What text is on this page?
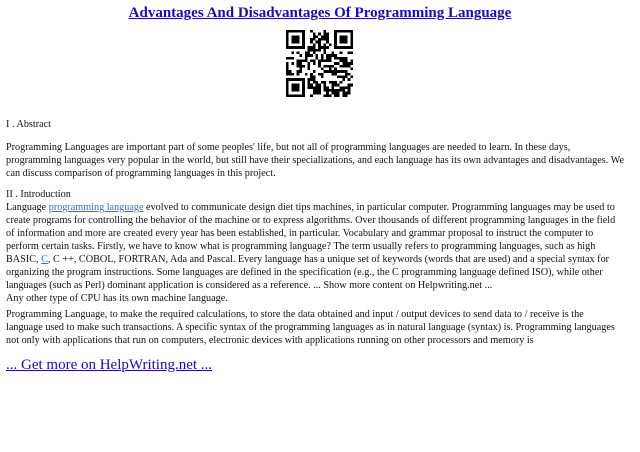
Advantages And Disadvantages Of Programming Language
I . Abstract
Programming Languages are important part of some peoples' life, but not all of programming languages are needed to learn. In these days,
programming languages very popular in the world, but still have their specializations, and each language has its own advantages and disadvantages. We
can discuss comparison of programming languages in this project.
II . Introduction
Language programming language evolved to communicate design diet tips machines, in particular computer. Programming languages may be used to
create programs for controlling the behavior of the machine or to express algorithms. Over thousands of different programming languages in the field
of information and more are created every year has been established, in particular. Vocabulary and grammar proposal to instruct the computer to
perform certain tasks. Firstly, we have to know what is programming language? The term usually refers to programming languages, such as high
BASIC, C, C ++, COBOL, FORTRAN, Ada and Pascal. Every language has a unique set of keywords (words that are used) and a special syntax for
organizing the program instructions. Some languages are defined in the specification (e.g., the C programming language defined ISO), while other
languages (such as Perl) dominant application is considered as a reference. ... Show more content on Helpwriting.net ...
Any other type of CPU has its own machine language.
Programming Language, to make the required calculations, to store the data obtained and input / output devices to send data to / receive is the
language used to make such transactions. A specific syntax of the programming languages as in natural language (syntax) is. Programming languages
not only with applications that run on computers, electronic devices with applications running on other processors and memory is
... Get more on HelpWriting.net ...
